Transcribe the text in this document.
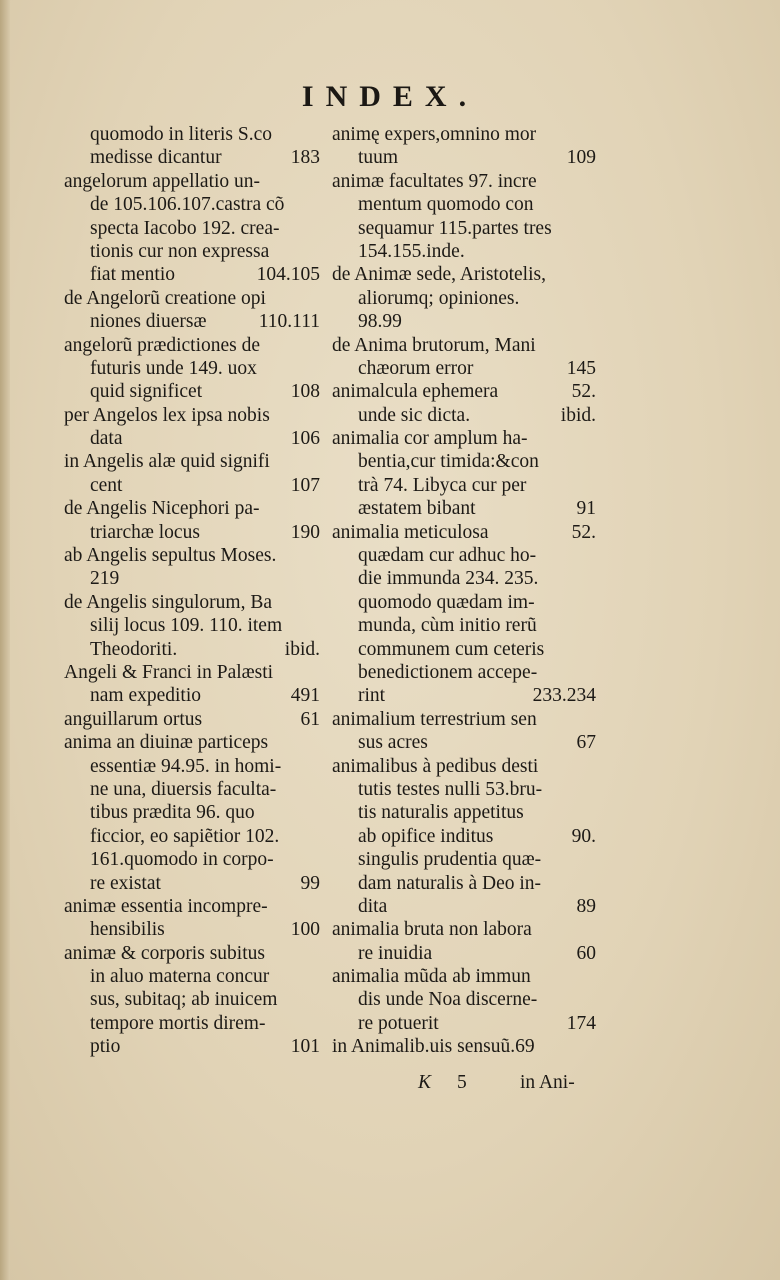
INDEX.
quomodo in literis S.co
medisse dicantur	183
angelorum appellatio un-
de 105.106.107.castra cõ
specta Iacobo 192. crea-
tionis cur non expressa
fiat mentio	104.105
de Angelorũ creatione opi
niones diuersæ	110.111
angelorũ prædictiones de
futuris unde 149. uox
quid significet	108
per Angelos lex ipsa nobis
data	106
in Angelis alæ quid signifi
cent	107
de Angelis Nicephori pa-
triarchæ locus	190
ab Angelis sepultus Moses.
219
de Angelis singulorum, Ba
silij locus 109. 110. item
Theodoriti.	ibid.
Angeli & Franci in Palæsti
nam expeditio	491
anguillarum ortus	61
anima an diuinæ particeps
essentiæ 94.95. in homi-
ne una, diuersis faculta-
tibus prædita 96. quo
ficcior, eo sapiẽtior 102.
161.quomodo in corpo-
re existat	99
animæ essentia incompre-
hensibilis	100
animæ & corporis subitus
in aluo materna concur
sus, subitaq; ab inuicem
tempore mortis direm-
ptio	101
animę expers,omnino mor
tuum	109
animæ facultates 97. incre
mentum quomodo con
sequamur 115.partes tres
154.155.inde.
de Animæ sede, Aristotelis,
aliorumq; opiniones.
98.99
de Anima brutorum, Mani
chæorum error	145
animalcula ephemera	52.
unde sic dicta.	ibid.
animalia cor amplum ha-
bentia,cur timida:&con
trà 74. Libyca cur per
æstatem bibant	91
animalia meticulosa	52.
quædam cur adhuc ho-
die immunda 234. 235.
quomodo quædam im-
munda, cùm initio rerũ
communem cum ceteris
benedictionem accepe-
rint	233.234
animalium terrestrium sen
sus acres	67
animalibus à pedibus desti
tutis testes nulli 53.bru-
tis naturalis appetitus
ab opifice inditus	90.
singulis prudentia quæ-
dam naturalis à Deo in-
dita	89
animalia bruta non labora
re inuidia	60
animalia mũda ab immun
dis unde Noa discerne-
re potuerit	174
in Animalib.uis sensuũ.69
K 5	in Ani-
